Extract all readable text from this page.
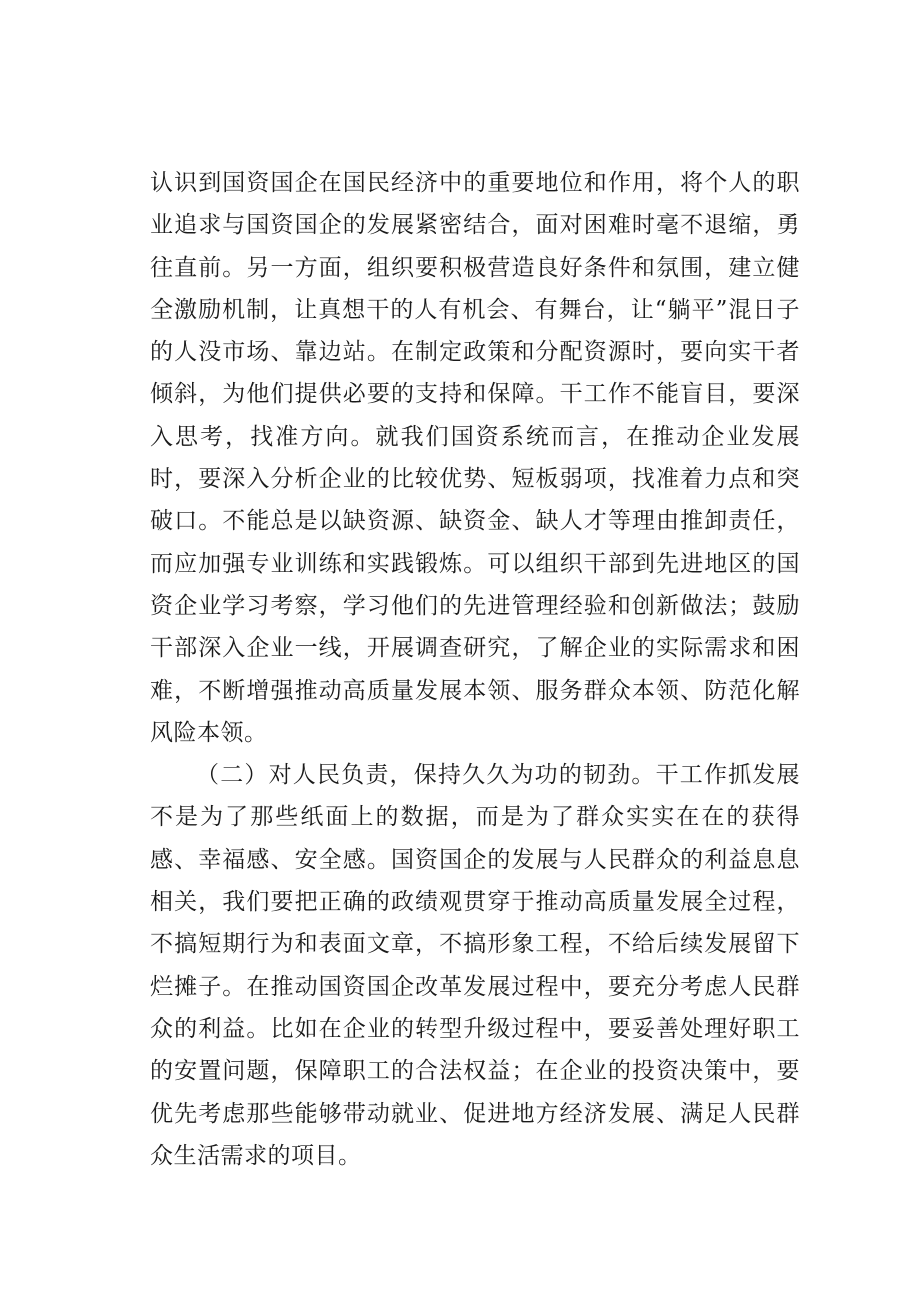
认识到国资国企在国民经济中的重要地位和作用，将个人的职业追求与国资国企的发展紧密结合，面对困难时毫不退缩，勇往直前。另一方面，组织要积极营造良好条件和氛围，建立健全激励机制，让真想干的人有机会、有舞台，让“躺平”混日子的人没市场、靠边站。在制定政策和分配资源时，要向实干者倾斜，为他们提供必要的支持和保障。干工作不能盲目，要深入思考，找准方向。就我们国资系统而言，在推动企业发展时，要深入分析企业的比较优势、短板弱项，找准着力点和突破口。不能总是以缺资源、缺资金、缺人才等理由推卸责任，而应加强专业训练和实践锻炼。可以组织干部到先进地区的国资企业学习考察，学习他们的先进管理经验和创新做法；鼓励干部深入企业一线，开展调查研究，了解企业的实际需求和困难，不断增强推动高质量发展本领、服务群众本领、防范化解风险本领。

（二）对人民负责，保持久久为功的韧劲。干工作抓发展不是为了那些纸面上的数据，而是为了群众实实在在的获得感、幸福感、安全感。国资国企的发展与人民群众的利益息息相关，我们要把正确的政绩观贯穿于推动高质量发展全过程，不搞短期行为和表面文章，不搞形象工程，不给后续发展留下烂摊子。在推动国资国企改革发展过程中，要充分考虑人民群众的利益。比如在企业的转型升级过程中，要妥善处理好职工的安置问题，保障职工的合法权益；在企业的投资决策中，要优先考虑那些能够带动就业、促进地方经济发展、满足人民群众生活需求的项目。
